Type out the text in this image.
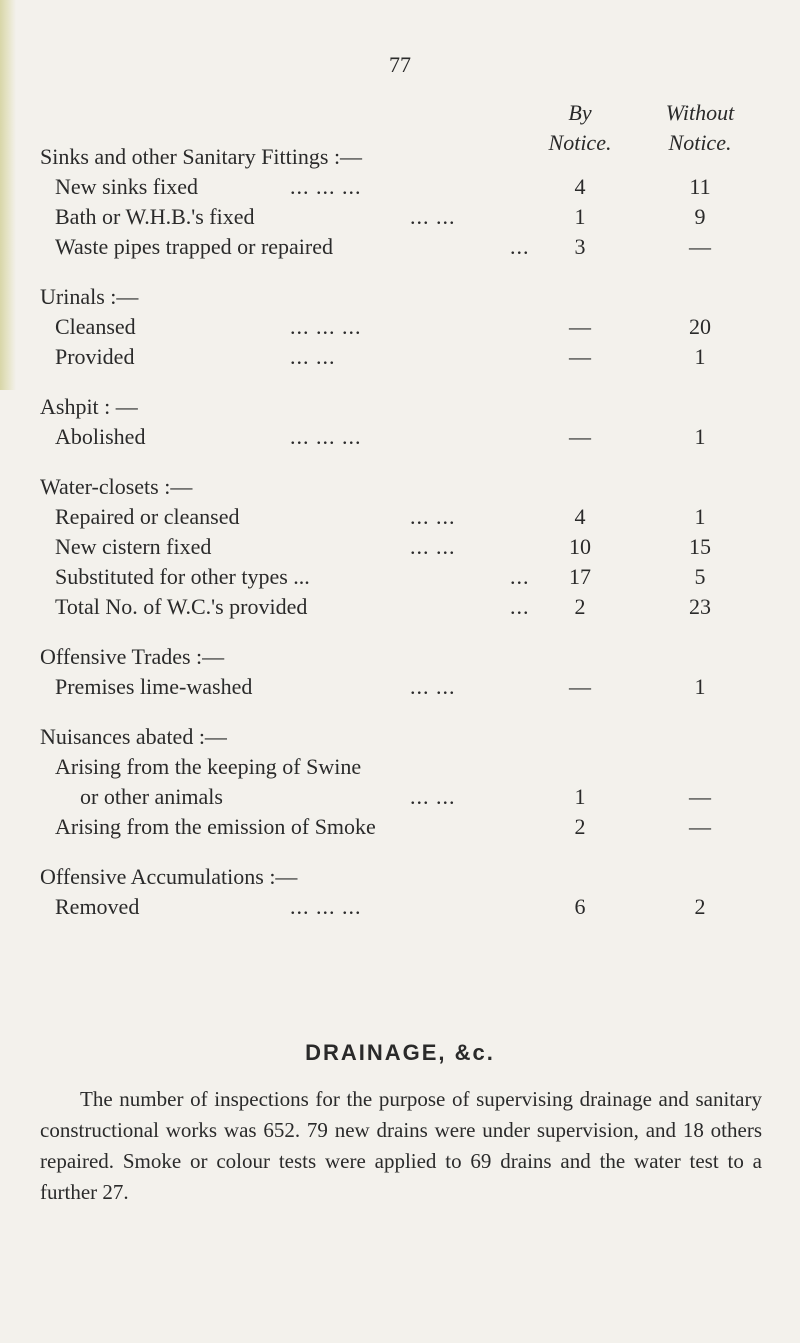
77
By
Notice.
Without
Notice.
Sinks and other Sanitary Fittings :—
New sinks fixed	... ... ...	4	11
Bath or W.H.B.'s fixed	... ...	1	9
Waste pipes trapped or repaired	...	3	—
Urinals :—
Cleansed	... ... ...	—	20
Provided	... ...	—	1
Ashpit : —
Abolished	... ... ...	—	1
Water-closets :—
Repaired or cleansed	... ...	4	1
New cistern fixed	... ...	10	15
Substituted for other types ...	...	17	5
Total No. of W.C.'s provided	...	2	23
Offensive Trades :—
Premises lime-washed	... ...	—	1
Nuisances abated :—
Arising from the keeping of Swine
or other animals	... ...	1	—
Arising from the emission of Smoke	2	—
Offensive Accumulations :—
Removed	... ... ...	6	2
DRAINAGE, &c.
The number of inspections for the purpose of supervising drainage and sanitary constructional works was 652. 79 new drains were under supervision, and 18 others repaired. Smoke or colour tests were applied to 69 drains and the water test to a further 27.
